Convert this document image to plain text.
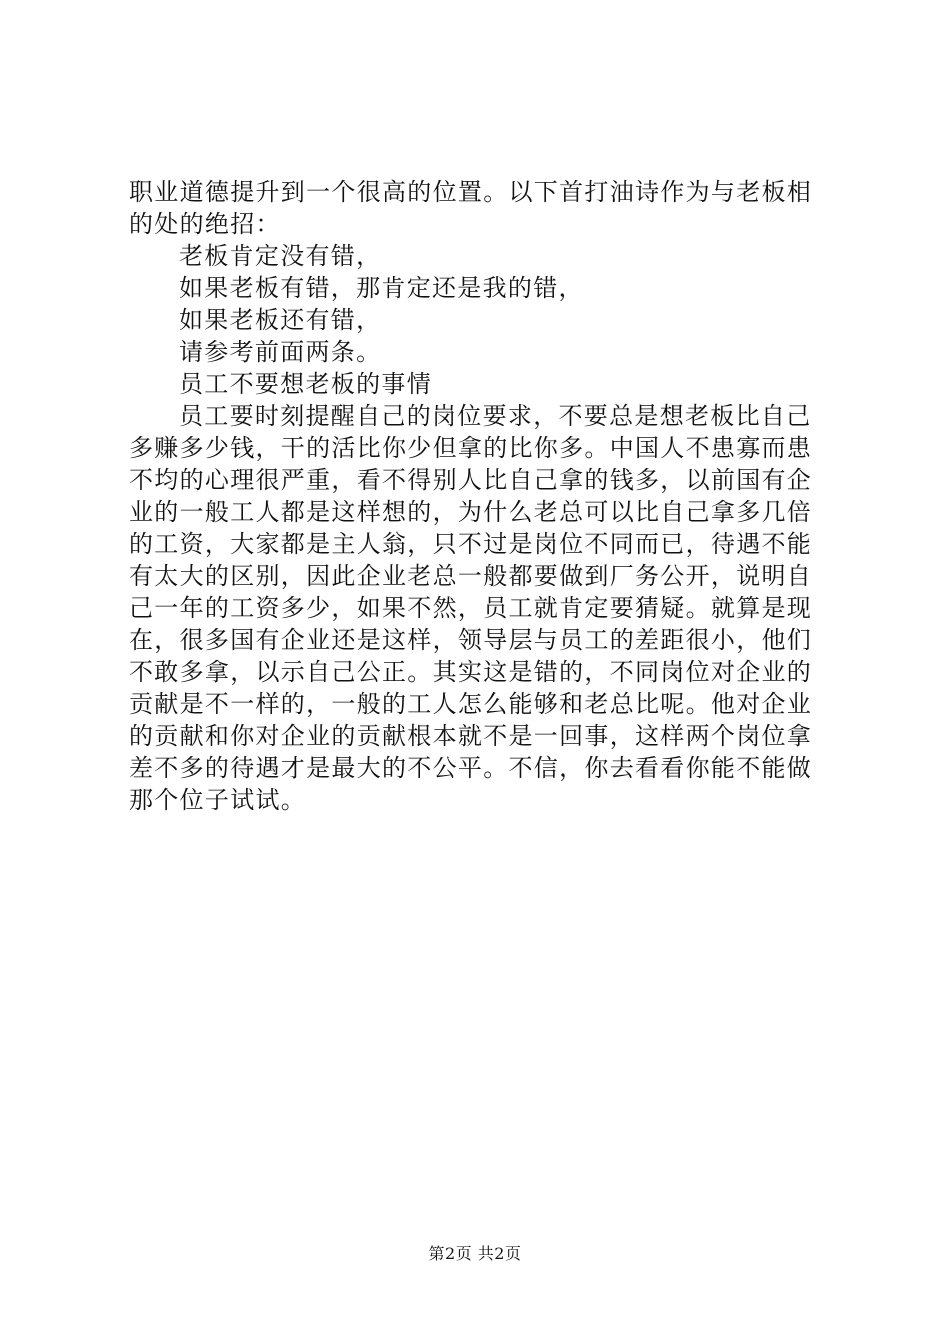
职业道德提升到一个很高的位置。以下首打油诗作为与老板相
的处的绝招：
老板肯定没有错，
如果老板有错，那肯定还是我的错，
如果老板还有错，
请参考前面两条。
员工不要想老板的事情
员工要时刻提醒自己的岗位要求，不要总是想老板比自己
多赚多少钱，干的活比你少但拿的比你多。中国人不患寡而患
不均的心理很严重，看不得别人比自己拿的钱多，以前国有企
业的一般工人都是这样想的，为什么老总可以比自己拿多几倍
的工资，大家都是主人翁，只不过是岗位不同而已，待遇不能
有太大的区别，因此企业老总一般都要做到厂务公开，说明自
己一年的工资多少，如果不然，员工就肯定要猜疑。就算是现
在，很多国有企业还是这样，领导层与员工的差距很小，他们
不敢多拿，以示自己公正。其实这是错的，不同岗位对企业的
贡献是不一样的，一般的工人怎么能够和老总比呢。他对企业
的贡献和你对企业的贡献根本就不是一回事，这样两个岗位拿
差不多的待遇才是最大的不公平。不信，你去看看你能不能做
那个位子试试。
第2页 共2页
